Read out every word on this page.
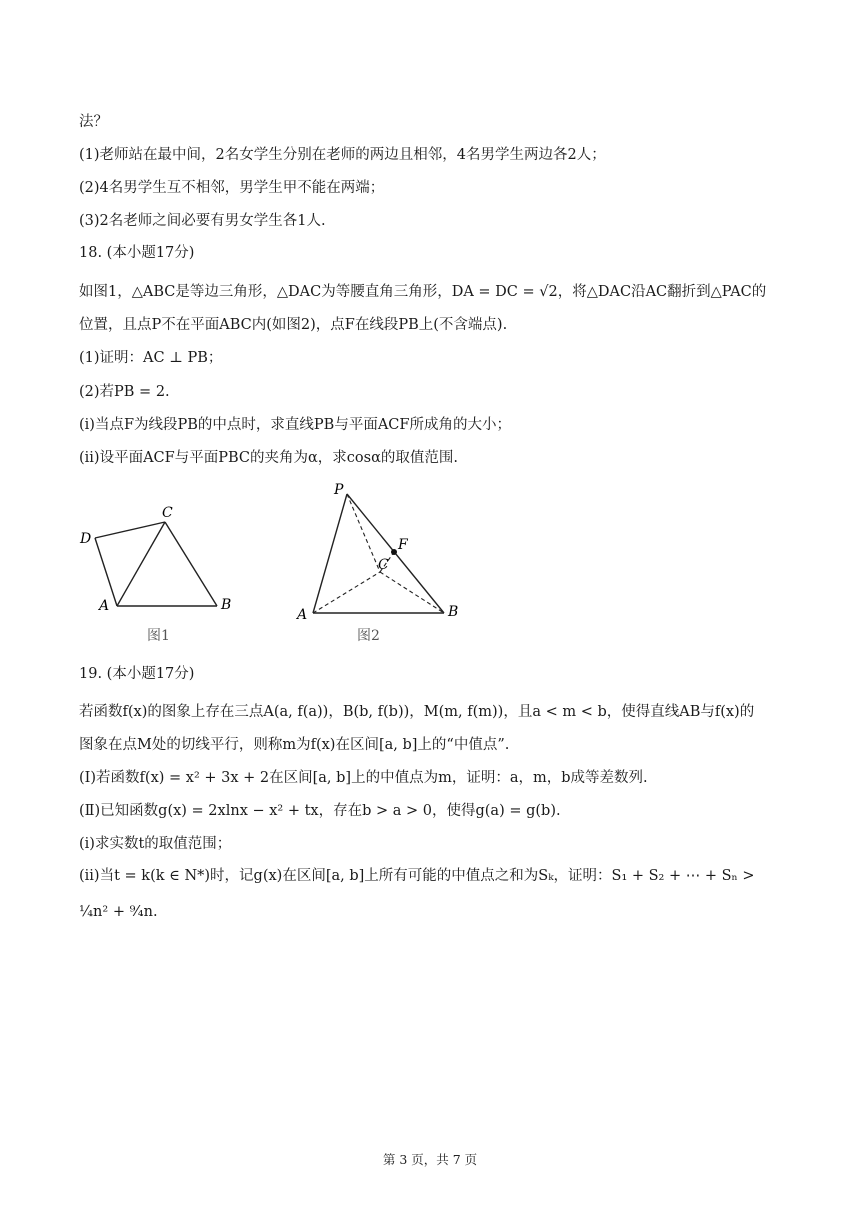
法？
(1)老师站在最中间，2名女学生分别在老师的两边且相邻，4名男学生两边各2人；
(2)4名男学生互不相邻，男学生甲不能在两端；
(3)2名老师之间必要有男女学生各1人.
18. (本小题17分)
如图1，△ABC是等边三角形，△DAC为等腰直角三角形，DA = DC = √2，将△DAC沿AC翻折到△PAC的
位置，且点P不在平面ABC内(如图2)，点F在线段PB上(不含端点).
(1)证明：AC ⊥ PB；
(2)若PB = 2.
(i)当点F为线段PB的中点时，求直线PB与平面ACF所成角的大小；
(ii)设平面ACF与平面PBC的夹角为α，求cosα的取值范围.
D
C
A	B
图1
P
F
C
A	B
图2
19. (本小题17分)
若函数f(x)的图象上存在三点A(a, f(a))，B(b, f(b))，M(m, f(m))，且a < m < b，使得直线AB与f(x)的
图象在点M处的切线平行，则称m为f(x)在区间[a, b]上的“中值点”.
(Ⅰ)若函数f(x) = x² + 3x + 2在区间[a, b]上的中值点为m，证明：a，m，b成等差数列.
(Ⅱ)已知函数g(x) = 2xlnx − x² + tx，存在b > a > 0，使得g(a) = g(b).
(i)求实数t的取值范围；
(ii)当t = k(k ∈ N*)时，记g(x)在区间[a, b]上所有可能的中值点之和为Sₖ，证明：S₁ + S₂ + ⋯ + Sₙ >
¼n² + ⁹⁄₄n.
第 3 页，共 7 页
